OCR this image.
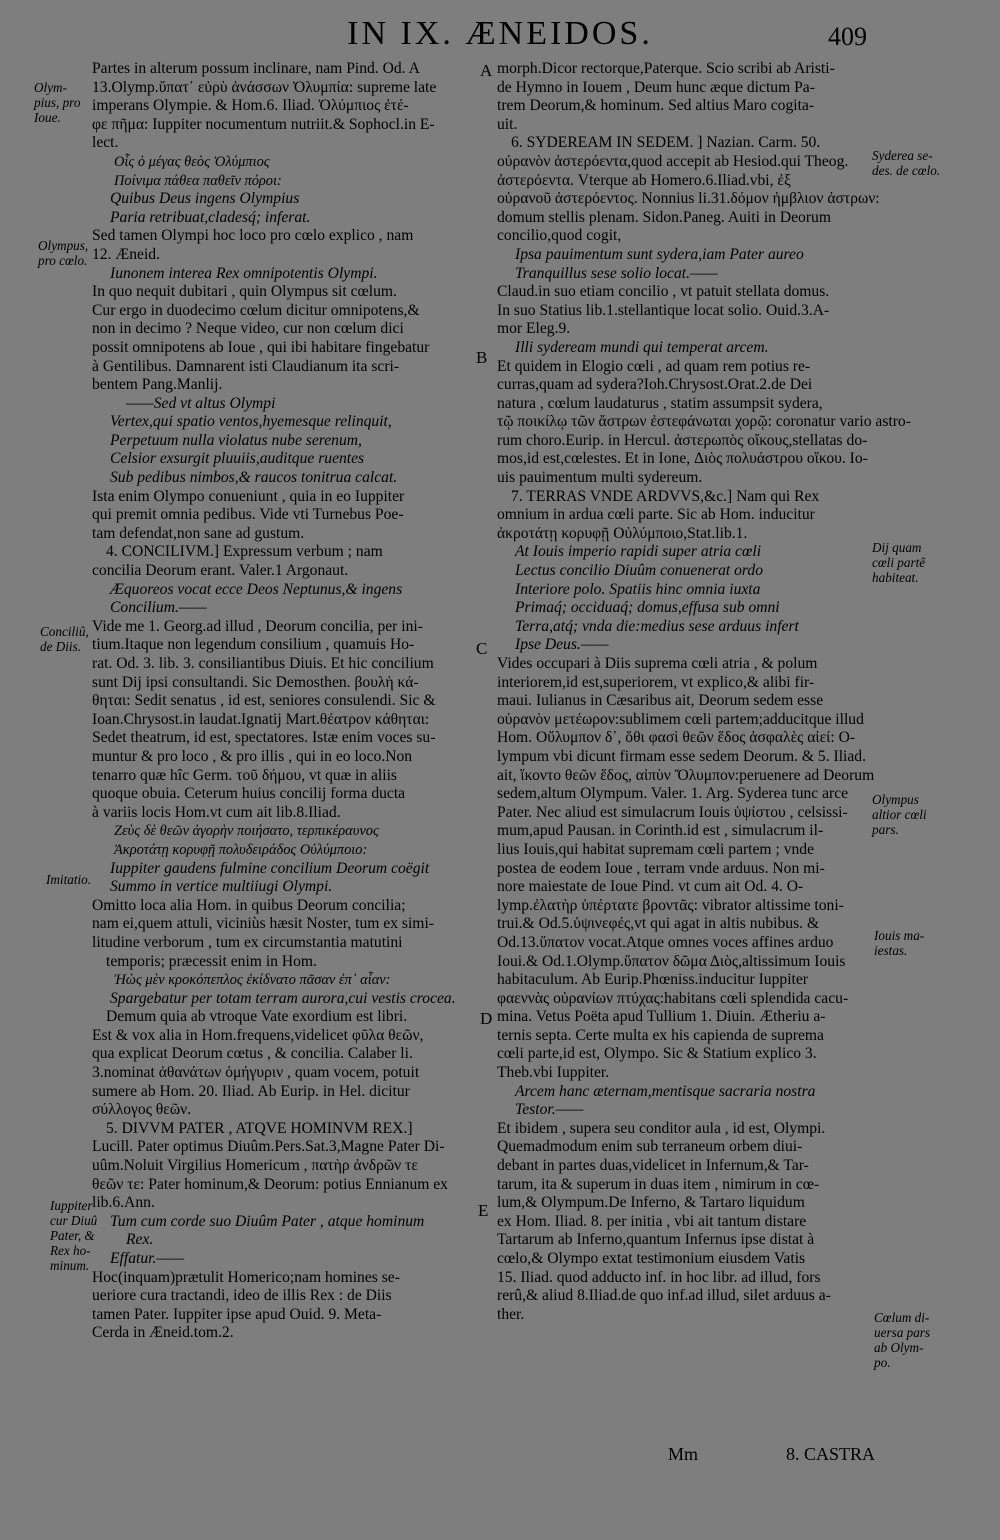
IN IX. ÆNEIDOS.	409
Partes in alterum possum inclinare, nam Pind. Od. A
13.Olymp.ὕπατ᾽ εὐρὺ ἀνάσσων Ὀλυμπία: supreme late
imperans Olympie. & Hom.6. Iliad. Ὀλύμπιος ἐτέ-
φε πῆμα: Iuppiter nocumentum nutriit.& Sophocl.in E-
lect.
Οἷς ὁ μέγας θεὸς Ὀλύμπιος
Ποίνιμα πάθεα παθεῖν πόροι:
Quibus Deus ingens Olympius
Paria retribuat,cladesq́; inferat.
Sed tamen Olympi hoc loco pro cœlo explico , nam
12. Æneid.
Iunonem interea Rex omnipotentis Olympi.
In quo nequit dubitari , quin Olympus sit cœlum.
Cur ergo in duodecimo cœlum dicitur omnipotens,&
non in decimo ? Neque video, cur non cœlum dici
possit omnipotens ab Ioue , qui ibi habitare fingebatur
à Gentilibus. Damnarent isti Claudianum ita scri-
bentem Pang.Manlij.
——Sed vt altus Olympi
Vertex,qui spatio ventos,hyemesque relinquit,
Perpetuum nulla violatus nube serenum,
Celsior exsurgit pluuiis,auditque ruentes
Sub pedibus nimbos,& raucos tonitrua calcat.
Ista enim Olympo conueniunt , quia in eo Iuppiter
qui premit omnia pedibus. Vide vti Turnebus Poe-
tam defendat,non sane ad gustum.
4. CONCILIVM.] Expressum verbum ; nam
concilia Deorum erant. Valer.1 Argonaut.
Æquoreos vocat ecce Deos Neptunus,& ingens
Concilium.——
Vide me 1. Georg.ad illud , Deorum concilia, per ini-
tium.Itaque non legendum consilium , quamuis Ho-
rat. Od. 3. lib. 3. consiliantibus Diuis. Et hic concilium
sunt Dij ipsi consultandi. Sic Demosthen. βουλὴ κά-
θηται: Sedit senatus , id est, seniores consulendi. Sic &
Ioan.Chrysost.in laudat.Ignatij Mart.θέατρον κάθηται:
Sedet theatrum, id est, spectatores. Istæ enim voces su-
muntur & pro loco , & pro illis , qui in eo loco.Non
tenarro quæ hîc Germ. τοῦ δήμου, vt quæ in aliis
quoque obuia. Ceterum huius concilij forma ducta
à variis locis Hom.vt cum ait lib.8.Iliad.
Ζεὺς δὲ θεῶν ἀγορὴν ποιήσατο, τερπικέραυνος
Ἀκροτάτῃ κορυφῇ πολυδειράδος Οὐλύμποιο:
Iuppiter gaudens fulmine concilium Deorum coëgit
Summo in vertice multiiugi Olympi.
Omitto loca alia Hom. in quibus Deorum concilia;
nam ei,quem attuli, viciniùs hæsit Noster, tum ex simi-
litudine verborum , tum ex circumstantia matutini
temporis; præcessit enim in Hom.
Ἠὼς μὲν κροκόπεπλος ἐκίδνατο πᾶσαν ἐπ᾽ αἶαν:
Spargebatur per totam terram aurora,cui vestis crocea.
Demum quia ab vtroque Vate exordium est libri.
Est & vox alia in Hom.frequens,videlicet φῦλα θεῶν,
qua explicat Deorum cœtus , & concilia. Calaber li.
3.nominat ἀθανάτων ὁμήγυριν , quam vocem, potuit
sumere ab Hom. 20. Iliad. Ab Eurip. in Hel. dicitur
σύλλογος θεῶν.
5. DIVVM PATER , ATQVE HOMINVM REX.]
Lucill. Pater optimus Diuûm.Pers.Sat.3,Magne Pater Di-
uûm.Noluit Virgilius Homericum , πατὴρ ἀνδρῶν τε
θεῶν τε: Pater hominum,& Deorum: potius Ennianum ex
lib.6.Ann.
Tum cum corde suo Diuûm Pater , atque hominum
Rex.
Effatur.——
Hoc(inquam)prætulit Homerico;nam homines se-
ueriore cura tractandi, ideo de illis Rex : de Diis
tamen Pater. Iuppiter ipse apud Ouid. 9. Meta-
Cerda in Æneid.tom.2.
morph.Dicor rectorque,Paterque. Scio scribi ab Aristi-
de Hymno in Iouem , Deum hunc æque dictum Pa-
trem Deorum,& hominum. Sed altius Maro cogita-
uit.
6. SYDEREAM IN SEDEM. ] Nazian. Carm. 50.
οὐρανὸν ἀστερόεντα,quod accepit ab Hesiod.qui Theog.
ἀστερόεντα. Vterque ab Homero.6.Iliad.vbi, ἐξ
οὐρανοῦ ἀστερόεντος. Nonnius li.31.δόμον ἠμβλιον ἀστρων:
domum stellis plenam. Sidon.Paneg. Auiti in Deorum
concilio,quod cogit,
Ipsa pauimentum sunt sydera,iam Pater aureo
Tranquillus sese solio locat.——
Claud.in suo etiam concilio , vt patuit stellata domus.
In suo Statius lib.1.stellantique locat solio. Ouid.3.A-
mor Eleg.9.
Illi sydeream mundi qui temperat arcem.
Et quidem in Elogio cœli , ad quam rem potius re-
curras,quam ad sydera?Ioh.Chrysost.Orat.2.de Dei
natura , cœlum laudaturus , statim assumpsit sydera,
τῷ ποικίλῳ τῶν ἄστρων ἐστεφάνωται χορῷ: coronatur vario astro-
rum choro.Eurip. in Hercul. ἀστερωπὸς οἴκους,stellatas do-
mos,id est,cœlestes. Et in Ione, Διὸς πολυάστρου οἴκου. Io-
uis pauimentum multi sydereum.
7. TERRAS VNDE ARDVVS,&c.] Nam qui Rex
omnium in ardua cœli parte. Sic ab Hom. inducitur
ἀκροτάτῃ κορυφῇ Οὐλύμποιο,Stat.lib.1.
At Iouis imperio rapidi super atria cœli
Lectus concilio Diuûm conuenerat ordo
Interiore polo. Spatiis hinc omnia iuxta
Primaq́; occiduaq́; domus,effusa sub omni
Terra,atq́; vnda die:medius sese arduus infert
Ipse Deus.——
Vides occupari à Diis suprema cœli atria , & polum
interiorem,id est,superiorem, vt explico,& alibi fir-
maui. Iulianus in Cæsaribus ait, Deorum sedem esse
οὐρανὸν μετέωρον:sublimem cœli partem;adducitque illud
Hom. Οὔλυμπον δ᾽, ὅθι φασὶ θεῶν ἕδος ἀσφαλὲς αἰεί: O-
lympum vbi dicunt firmam esse sedem Deorum. & 5. Iliad.
ait, ἵκοντο θεῶν ἕδος, αἰπὺν Ὄλυμπον:peruenere ad Deorum
sedem,altum Olympum. Valer. 1. Arg. Syderea tunc arce
Pater. Nec aliud est simulacrum Iouis ὑψίστου , celsissi-
mum,apud Pausan. in Corinth.id est , simulacrum il-
lius Iouis,qui habitat supremam cœli partem ; vnde
postea de eodem Ioue , terram vnde arduus. Non mi-
nore maiestate de Ioue Pind. vt cum ait Od. 4. O-
lymp.ἐλατὴρ ὑπέρτατε βροντᾶς: vibrator altissime toni-
trui.& Od.5.ὑψινεφές,vt qui agat in altis nubibus. &
Od.13.ὕπατον vocat.Atque omnes voces affines arduo
Ioui.& Od.1.Olymp.ὕπατον δῶμα Διὸς,altissimum Iouis
habitaculum. Ab Eurip.Phœniss.inducitur Iuppiter
φαεννὰς οὐρανίων πτύχας:habitans cœli splendida cacu-
mina. Vetus Poëta apud Tullium 1. Diuin. Ætheriu a-
ternis septa. Certe multa ex his capienda de suprema
cœli parte,id est, Olympo. Sic & Statium explico 3.
Theb.vbi Iuppiter.
Arcem hanc æternam,mentisque sacraria nostra
Testor.——
Et ibidem , supera seu conditor aula , id est, Olympi.
Quemadmodum enim sub terraneum orbem diui-
debant in partes duas,videlicet in Infernum,& Tar-
tarum, ita & superum in duas item , nimirum in cœ-
lum,& Olympum.De Inferno, & Tartaro liquidum
ex Hom. Iliad. 8. per initia , vbi ait tantum distare
Tartarum ab Inferno,quantum Infernus ipse distat à
cœlo,& Olympo extat testimonium eiusdem Vatis
15. Iliad. quod adducto inf. in hoc libr. ad illud, fors
rerû,& aliud 8.Iliad.de quo inf.ad illud, silet arduus a-
ther.
Olym-
pius, pro
Ioue.
Olympus,
pro cœlo.
Conciliû,
de Diis.
Imitatio.
Iuppiter
cur Diuû
Pater, &
Rex ho-
minum.
Syderea se-
des. de cœlo.
Dij quam
cœli partê
habiteat.
Olympus
altior cœli
pars.
Iouis ma-
iestas.
Cœlum di-
uersa pars
ab Olym-
po.
A
B
C
D
E
Mm	8. CASTRA
